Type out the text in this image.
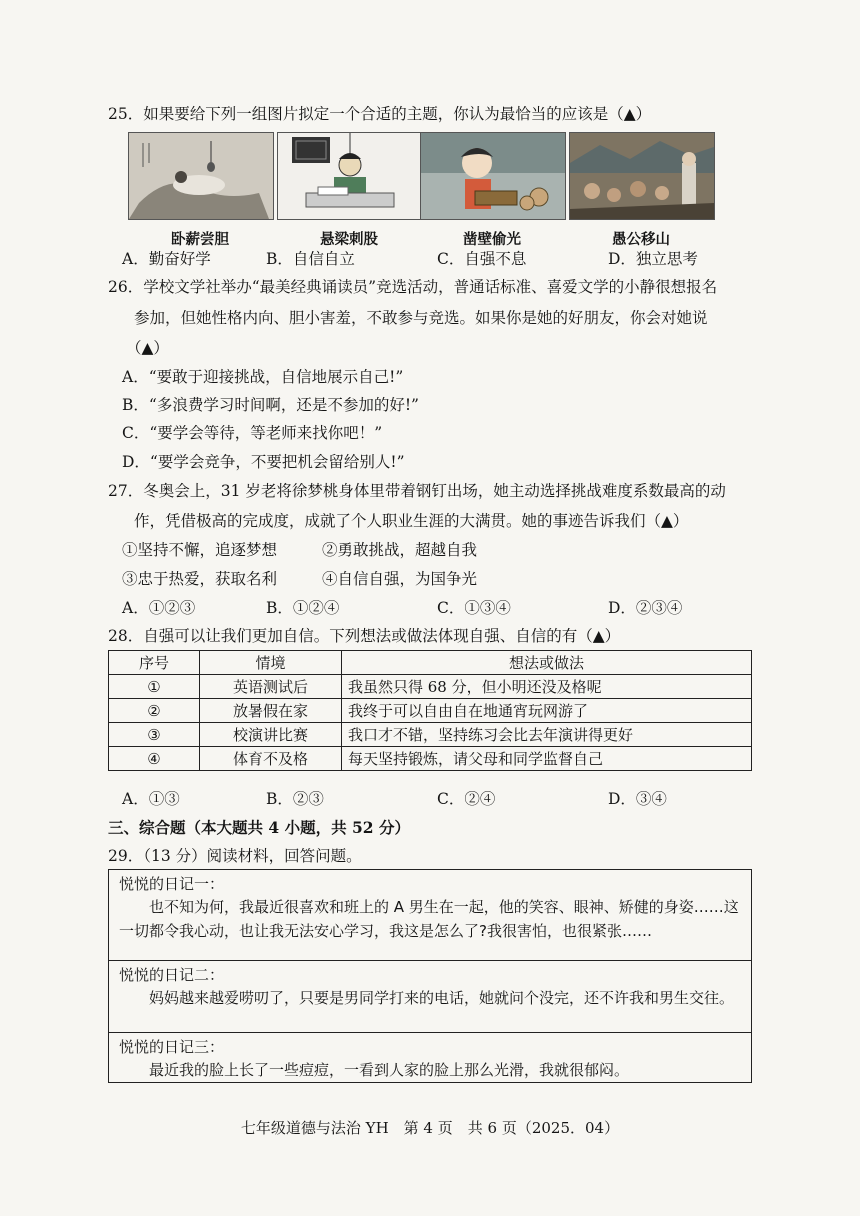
25．如果要给下列一组图片拟定一个合适的主题，你认为最恰当的应该是（▲）
卧薪尝胆	悬梁刺股	凿壁偷光	愚公移山
A．勤奋好学	B．自信自立	C．自强不息	D．独立思考
26．学校文学社举办“最美经典诵读员”竞选活动，普通话标准、喜爱文学的小静很想报名
参加，但她性格内向、胆小害羞，不敢参与竞选。如果你是她的好朋友，你会对她说
（▲）
A．“要敢于迎接挑战，自信地展示自己!”
B．“多浪费学习时间啊，还是不参加的好!”
C．“要学会等待，等老师来找你吧！”
D．“要学会竞争，不要把机会留给别人!”
27．冬奥会上，31 岁老将徐梦桃身体里带着钢钉出场，她主动选择挑战难度系数最高的动
作，凭借极高的完成度，成就了个人职业生涯的大满贯。她的事迹告诉我们（▲）
①坚持不懈，追逐梦想	②勇敢挑战，超越自我
③忠于热爱，获取名利	④自信自强，为国争光
A．①②③	B．①②④	C．①③④	D．②③④
28．自强可以让我们更加自信。下列想法或做法体现自强、自信的有（▲）
序号	情境	想法或做法
①	英语测试后	我虽然只得 68 分，但小明还没及格呢
②	放暑假在家	我终于可以自由自在地通宵玩网游了
③	校演讲比赛	我口才不错，坚持练习会比去年演讲得更好
④	体育不及格	每天坚持锻炼，请父母和同学监督自己
A．①③	B．②③	C．②④	D．③④
三、综合题（本大题共 4 小题，共 52 分）
29．（13 分）阅读材料，回答问题。
悦悦的日记一：
也不知为何，我最近很喜欢和班上的 A 男生在一起，他的笑容、眼神、矫健的身姿……这一切都令我心动，也让我无法安心学习，我这是怎么了?我很害怕，也很紧张……
悦悦的日记二：
妈妈越来越爱唠叨了，只要是男同学打来的电话，她就问个没完，还不许我和男生交往。
悦悦的日记三：
最近我的脸上长了一些痘痘，一看到人家的脸上那么光滑，我就很郁闷。
七年级道德与法治 YH　第 4 页　共 6 页（2025．04）
